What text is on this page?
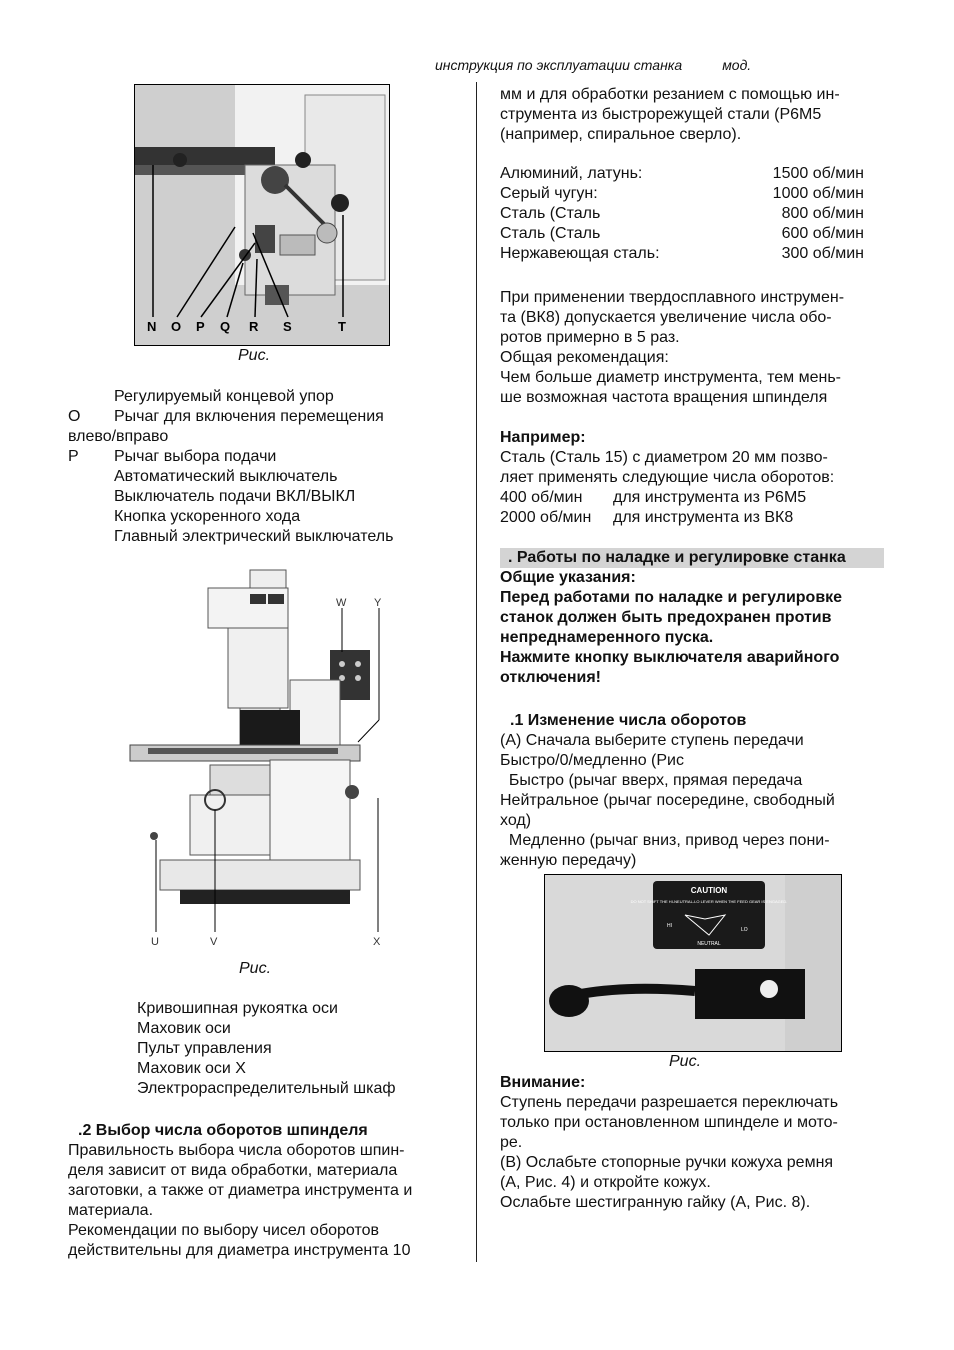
инструкция по эксплуатации станка	мод.
N O P Q R S	T
Рис.
Регулируемый концевой упор
O	Рычаг для включения перемещения
влево/вправо
P	Рычаг выбора подачи
Автоматический выключатель
Выключатель подачи ВКЛ/ВЫКЛ
Кнопка ускоренного хода
Главный электрический выключатель
W	Y
U	V	X
Рис.

Кривошипная рукоятка оси

Маховик оси

Пульт управления

Маховик оси Х

Электрораспределительный шкаф

.2 Выбор числа оборотов шпинделя

Правильность выбора числа оборотов шпин-

деля зависит от вида обработки, материала

заготовки, а также от диаметра инструмента и

материала.

Рекомендации по выбору чисел оборотов

действительны для диаметра инструмента 10

мм и для обработки резанием с помощью ин-

струмента из быстрорежущей стали (Р6М5

(например, спиральное сверло).

Алюминий, латунь:	1500 об/мин
Серый чугун:	1000 об/мин
Сталь (Сталь	800 об/мин
Сталь (Сталь	600 об/мин
Нержавеющая сталь:	300 об/мин

При применении твердосплавного инструмен-

та (ВК8) допускается увеличение числа обо-

ротов примерно в 5 раз.

Общая рекомендация:

Чем больше диаметр инструмента, тем мень-

ше возможная частота вращения шпинделя

Например:

Сталь (Сталь 15) с диаметром 20 мм позво-

ляет применять следующие числа оборотов:

400 об/мин для инструмента из Р6М5

2000 об/мин для инструмента из ВК8

. Работы по наладке и регулировке станка

Общие указания:

Перед работами по наладке и регулировке

станок должен быть предохранен против

непреднамеренного пуска.

Нажмите кнопку выключателя аварийного

отключения!

.1 Изменение числа оборотов

(А) Сначала выберите ступень передачи

Быстро/0/медленно (Рис

Быстро (рычаг вверх, прямая передача

Нейтральное (рычаг посередине, свободный

ход)

Медленно (рычаг вниз, привод через пони-

женную передачу)

CAUTION
DO NOT SHIFT THE HI-NEUTRAL-LO LEVER WHEN THE FEED GEAR IS ENGAGED.
HI
LO
NEUTRAL
Рис.

Внимание:

Ступень передачи разрешается переключать

только при остановленном шпинделе и мото-

ре.

(В) Ослабьте стопорные ручки кожуха ремня

(А, Рис. 4) и откройте кожух.

Ослабьте шестигранную гайку (А, Рис. 8).
